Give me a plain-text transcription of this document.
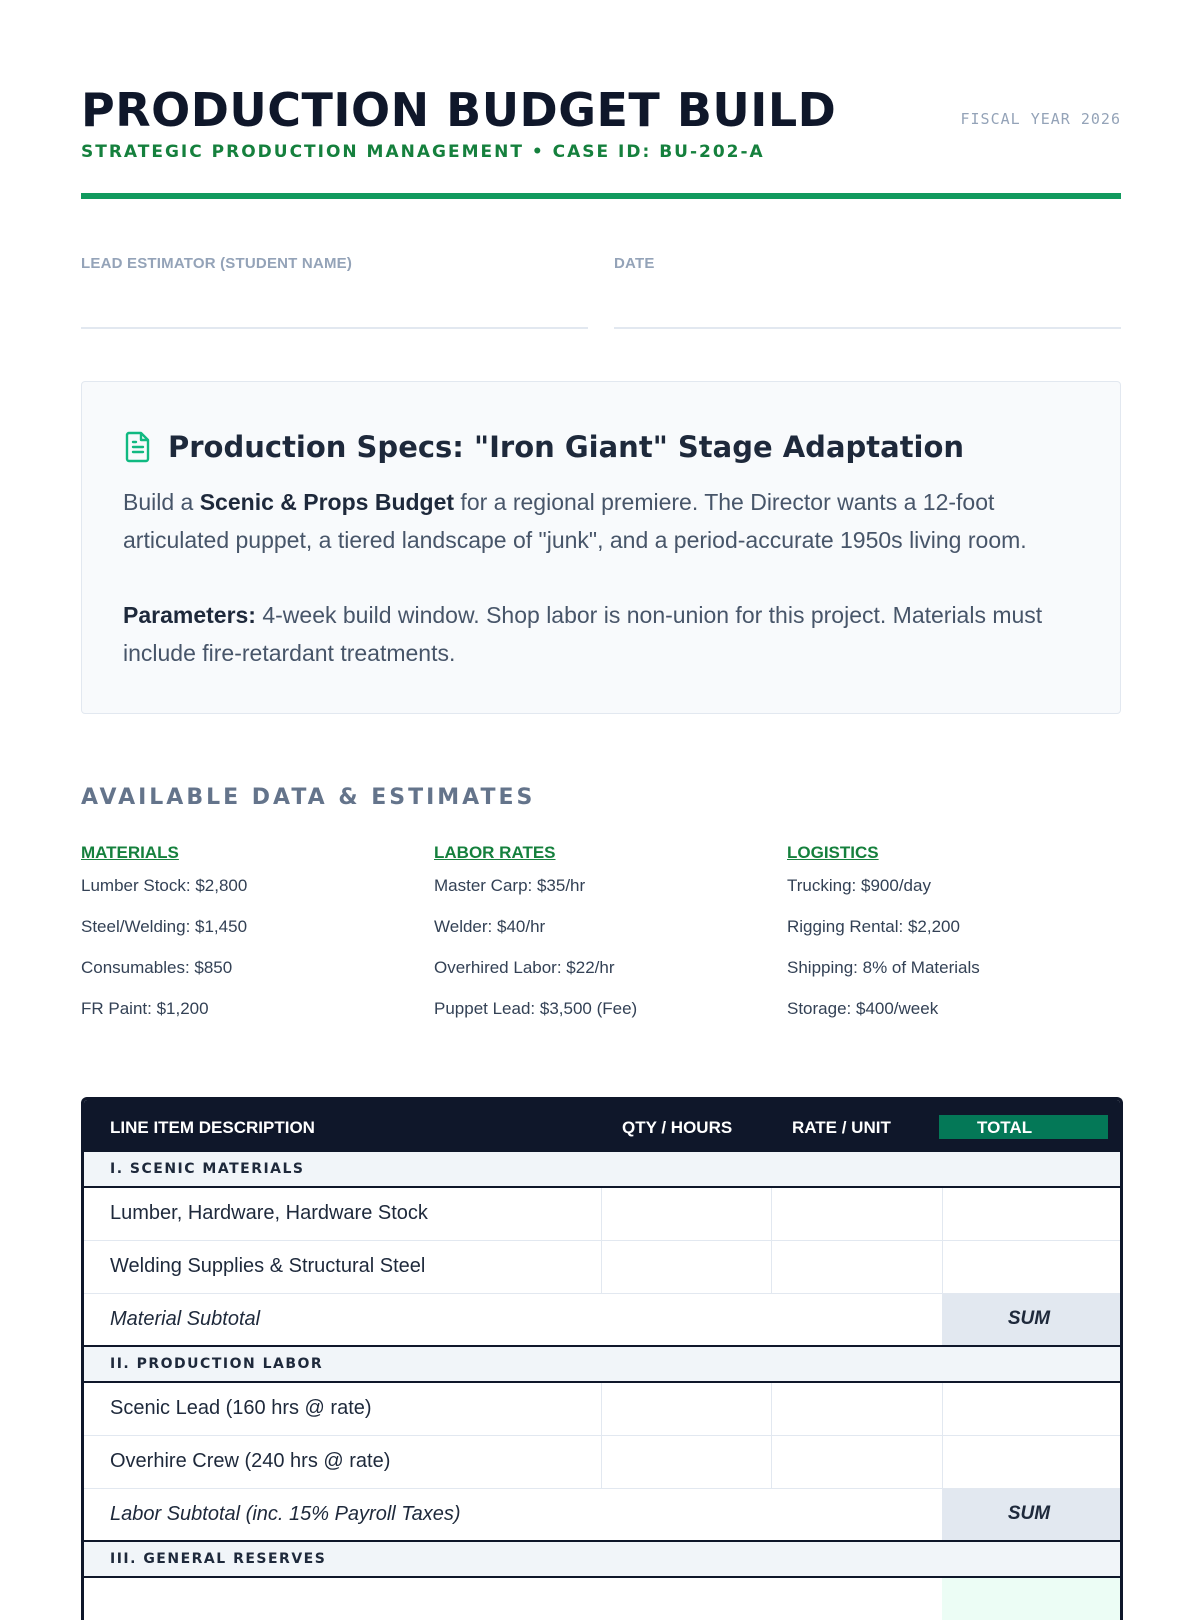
PRODUCTION BUDGET BUILD	FISCAL YEAR 2026
STRATEGIC PRODUCTION MANAGEMENT • CASE ID: BU-202-A
LEAD ESTIMATOR (STUDENT NAME)	DATE
Production Specs: "Iron Giant" Stage Adaptation

Build a Scenic & Props Budget for a regional premiere. The Director wants a 12-foot articulated puppet, a tiered landscape of "junk", and a period-accurate 1950s living room.

Parameters: 4-week build window. Shop labor is non-union for this project. Materials must include fire-retardant treatments.

AVAILABLE DATA & ESTIMATES
MATERIALS
Lumber Stock: $2,800
Steel/Welding: $1,450
Consumables: $850
FR Paint: $1,200
LABOR RATES
Master Carp: $35/hr
Welder: $40/hr
Overhired Labor: $22/hr
Puppet Lead: $3,500 (Fee)
LOGISTICS
Trucking: $900/day
Rigging Rental: $2,200
Shipping: 8% of Materials
Storage: $400/week
LINE ITEM DESCRIPTION	QTY / HOURS	RATE / UNIT	TOTAL
I. SCENIC MATERIALS
Lumber, Hardware, Hardware Stock
Welding Supplies & Structural Steel
Material Subtotal	SUM
II. PRODUCTION LABOR
Scenic Lead (160 hrs @ rate)
Overhire Crew (240 hrs @ rate)
Labor Subtotal (inc. 15% Payroll Taxes)	SUM
III. GENERAL RESERVES
